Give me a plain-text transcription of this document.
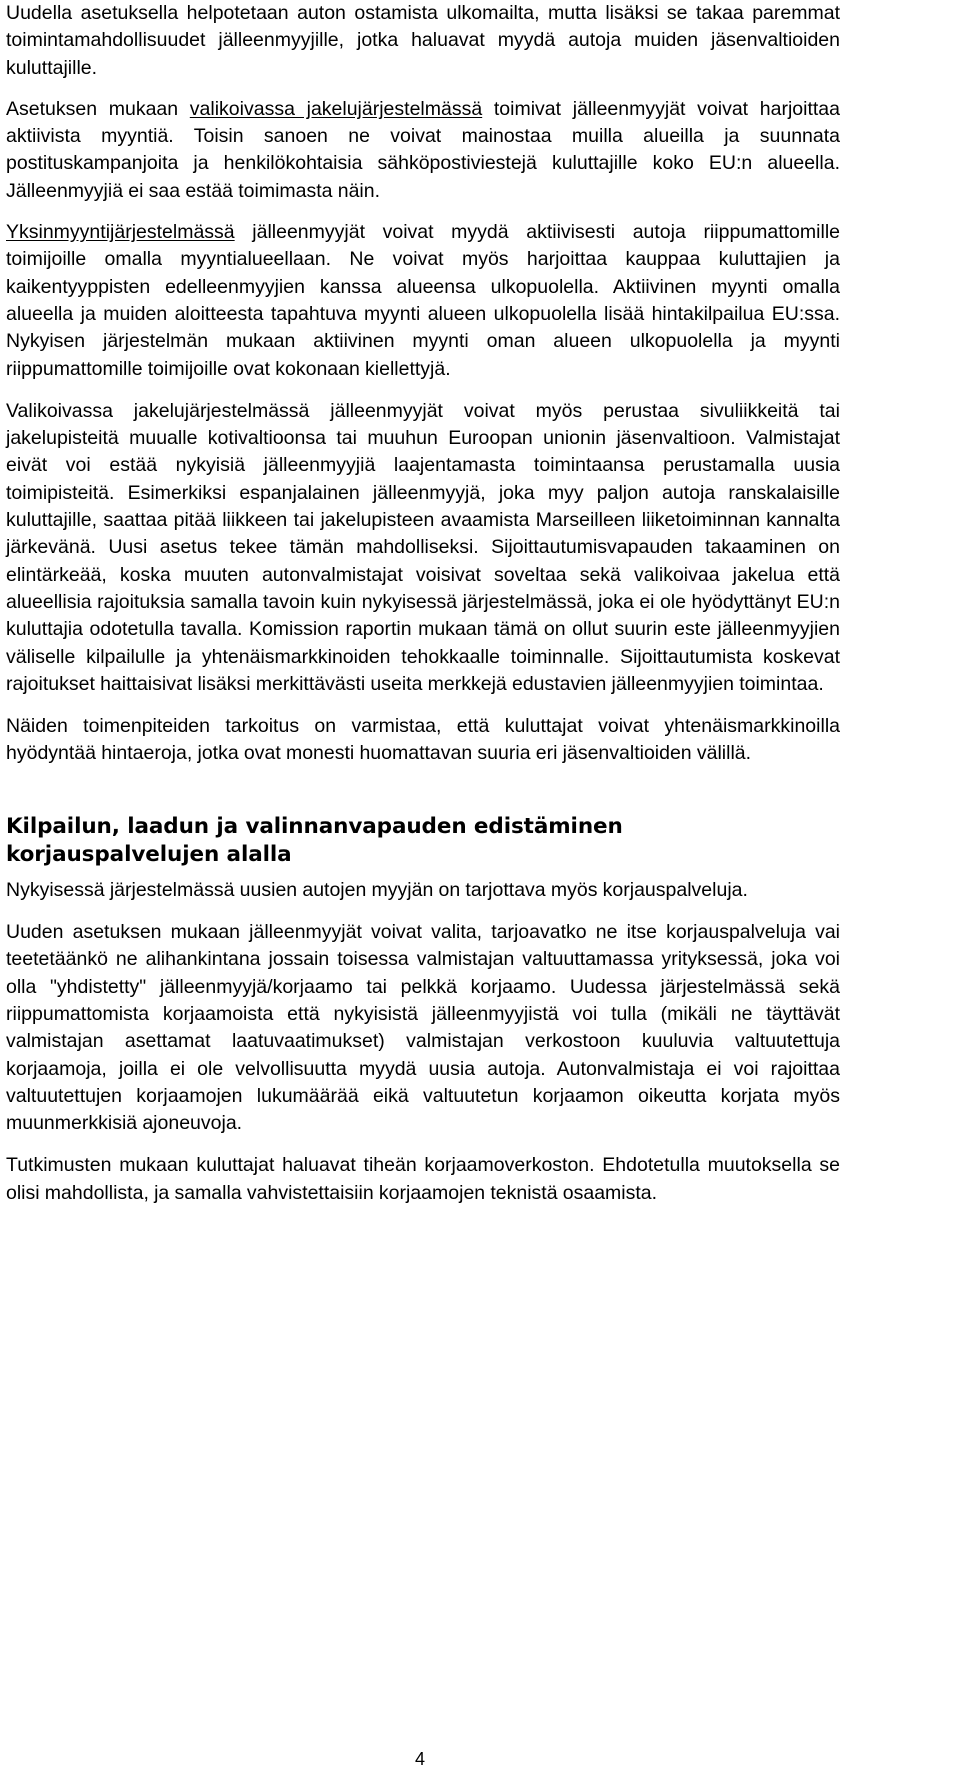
Uudella asetuksella helpotetaan auton ostamista ulkomailta, mutta lisäksi se takaa paremmat toimintamahdollisuudet jälleenmyyjille, jotka haluavat myydä autoja muiden jäsenvaltioiden kuluttajille.

Asetuksen mukaan valikoivassa jakelujärjestelmässä toimivat jälleenmyyjät voivat harjoittaa aktiivista myyntiä. Toisin sanoen ne voivat mainostaa muilla alueilla ja suunnata postituskampanjoita ja henkilökohtaisia sähköpostiviestejä kuluttajille koko EU:n alueella. Jälleenmyyjiä ei saa estää toimimasta näin.

Yksinmyyntijärjestelmässä jälleenmyyjät voivat myydä aktiivisesti autoja riippumattomille toimijoille omalla myyntialueellaan. Ne voivat myös harjoittaa kauppaa kuluttajien ja kaikentyyppisten edelleenmyyjien kanssa alueensa ulkopuolella. Aktiivinen myynti omalla alueella ja muiden aloitteesta tapahtuva myynti alueen ulkopuolella lisää hintakilpailua EU:ssa. Nykyisen järjestelmän mukaan aktiivinen myynti oman alueen ulkopuolella ja myynti riippumattomille toimijoille ovat kokonaan kiellettyjä.

Valikoivassa jakelujärjestelmässä jälleenmyyjät voivat myös perustaa sivuliikkeitä tai jakelupisteitä muualle kotivaltioonsa tai muuhun Euroopan unionin jäsenvaltioon. Valmistajat eivät voi estää nykyisiä jälleenmyyjiä laajentamasta toimintaansa perustamalla uusia toimipisteitä. Esimerkiksi espanjalainen jälleenmyyjä, joka myy paljon autoja ranskalaisille kuluttajille, saattaa pitää liikkeen tai jakelupisteen avaamista Marseilleen liiketoiminnan kannalta järkevänä. Uusi asetus tekee tämän mahdolliseksi. Sijoittautumisvapauden takaaminen on elintärkeää, koska muuten autonvalmistajat voisivat soveltaa sekä valikoivaa jakelua että alueellisia rajoituksia samalla tavoin kuin nykyisessä järjestelmässä, joka ei ole hyödyttänyt EU:n kuluttajia odotetulla tavalla. Komission raportin mukaan tämä on ollut suurin este jälleenmyyjien väliselle kilpailulle ja yhtenäismarkkinoiden tehokkaalle toiminnalle. Sijoittautumista koskevat rajoitukset haittaisivat lisäksi merkittävästi useita merkkejä edustavien jälleenmyyjien toimintaa.

Näiden toimenpiteiden tarkoitus on varmistaa, että kuluttajat voivat yhtenäismarkkinoilla hyödyntää hintaeroja, jotka ovat monesti huomattavan suuria eri jäsenvaltioiden välillä.

Kilpailun, laadun ja valinnanvapauden edistäminen korjauspalvelujen alalla

Nykyisessä järjestelmässä uusien autojen myyjän on tarjottava myös korjauspalveluja.

Uuden asetuksen mukaan jälleenmyyjät voivat valita, tarjoavatko ne itse korjauspalveluja vai teetetäänkö ne alihankintana jossain toisessa valmistajan valtuuttamassa yrityksessä, joka voi olla "yhdistetty" jälleenmyyjä/korjaamo tai pelkkä korjaamo. Uudessa järjestelmässä sekä riippumattomista korjaamoista että nykyisistä jälleenmyyjistä voi tulla (mikäli ne täyttävät valmistajan asettamat laatuvaatimukset) valmistajan verkostoon kuuluvia valtuutettuja korjaamoja, joilla ei ole velvollisuutta myydä uusia autoja. Autonvalmistaja ei voi rajoittaa valtuutettujen korjaamojen lukumäärää eikä valtuutetun korjaamon oikeutta korjata myös muunmerkkisiä ajoneuvoja.

Tutkimusten mukaan kuluttajat haluavat tiheän korjaamoverkoston. Ehdotetulla muutoksella se olisi mahdollista, ja samalla vahvistettaisiin korjaamojen teknistä osaamista.

4
